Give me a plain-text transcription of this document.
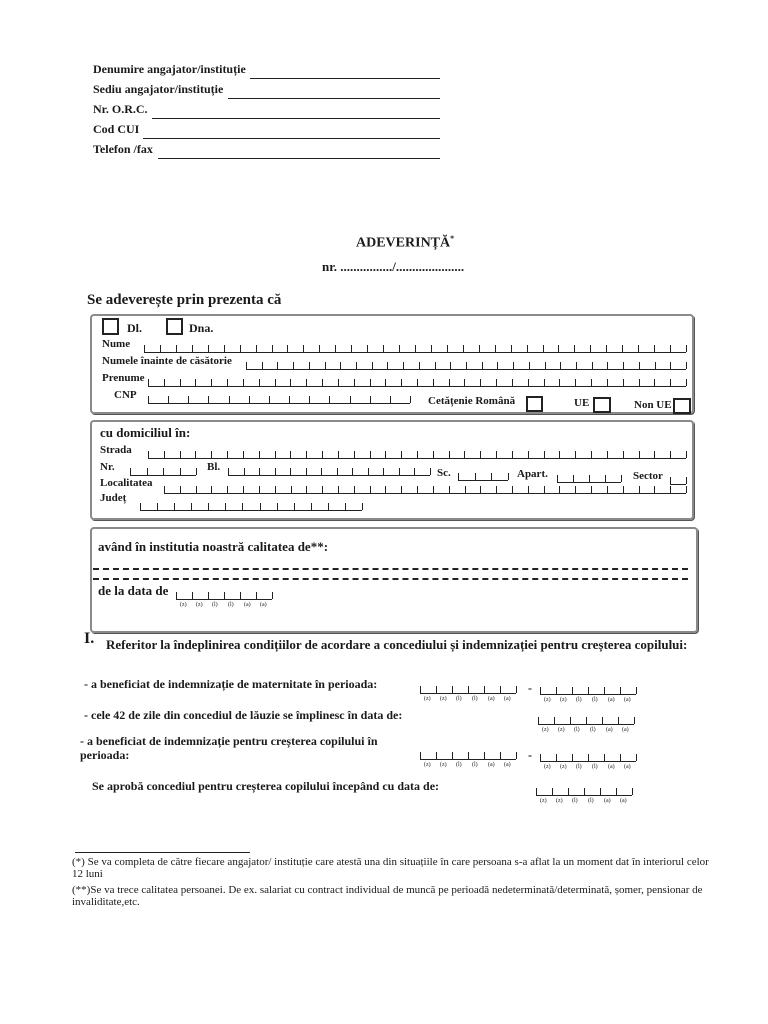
Denumire angajator/instituție
Sediu angajator/instituție
Nr. O.R.C.
Cod CUI
Telefon /fax
ADEVERINȚĂ*
nr. ................/.....................
Se adeverește prin prezenta că
Dl.	Dna.
Nume
Numele înainte de căsătorie
Prenume
CNP	Cetățenie Română	UE	Non UE
cu domiciliul în:
Strada
Nr.	Bl.	Sc.	Apart.	Sector
Localitatea
Județ
având în institutia noastră calitatea de**:
de la data de
(z) (z) (l) (l) (a) (a)
I. Referitor la îndeplinirea condițiilor de acordare a concediului și indemnizației pentru creșterea copilului:
- a beneficiat de indemnizație de maternitate în perioada:
(z) (z) (l) (l) (a) (a)
-
(z) (z) (l) (l) (a) (a)
- cele 42 de zile din concediul de lăuzie se împlinesc în data de:
(z) (z) (l) (l) (a) (a)
- a beneficiat de indemnizație pentru creșterea copilului în perioada:
(z) (z) (l) (l) (a) (a)
-
(z) (z) (l) (l) (a) (a)
Se aprobă concediul pentru creșterea copilului începând cu data de:
(z) (z) (l) (l) (a) (a)
(*) Se va completa de către fiecare angajator/ instituție care atestă una din situațiile în care persoana s-a aflat la un moment dat în interiorul celor 12 luni
(**)Se va trece calitatea persoanei. De ex. salariat cu contract individual de muncă pe perioadă nedeterminată/determinată, șomer, pensionar de invaliditate,etc.
